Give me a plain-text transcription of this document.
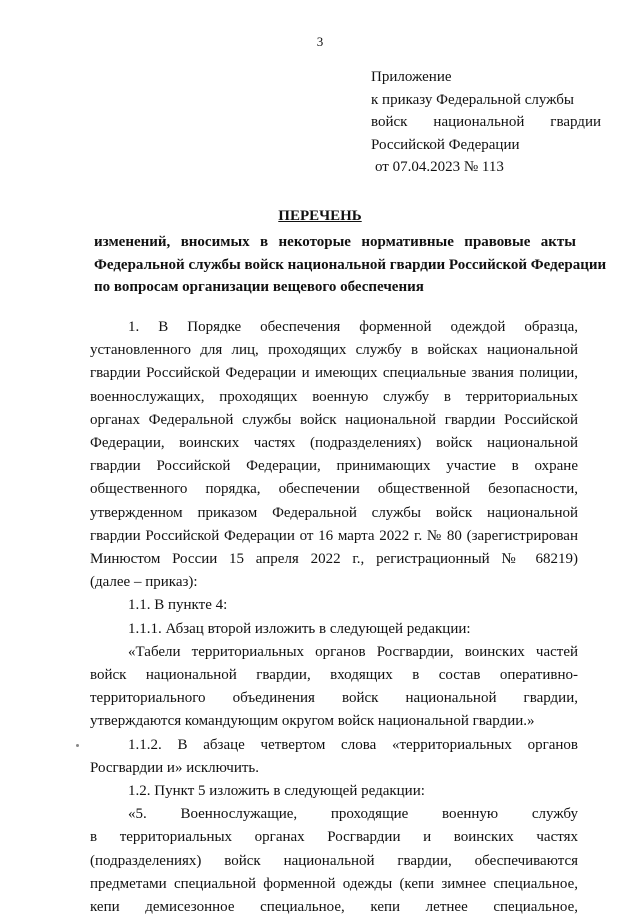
3
Приложение
к приказу Федеральной службы
войск национальной гвардии
Российской Федерации
от 07.04.2023 № 113
ПЕРЕЧЕНЬ
изменений, вносимых в некоторые нормативные правовые акты
Федеральной службы войск национальной гвардии Российской Федерации
по вопросам организации вещевого обеспечения
1. В Порядке обеспечения форменной одеждой образца,
установленного для лиц, проходящих службу в войсках национальной
гвардии Российской Федерации и имеющих специальные звания полиции,
военнослужащих, проходящих военную службу в территориальных
органах Федеральной службы войск национальной гвардии Российской
Федерации, воинских частях (подразделениях) войск национальной
гвардии Российской Федерации, принимающих участие в охране
общественного порядка, обеспечении общественной безопасности,
утвержденном приказом Федеральной службы войск национальной
гвардии Российской Федерации от 16 марта 2022 г. № 80 (зарегистрирован
Минюстом России 15 апреля 2022 г., регистрационный № 68219)
(далее – приказ):
1.1. В пункте 4:
1.1.1. Абзац второй изложить в следующей редакции:
«Табели территориальных органов Росгвардии, воинских частей
войск национальной гвардии, входящих в состав оперативно-
территориального объединения войск национальной гвардии,
утверждаются командующим округом войск национальной гвардии.»
1.1.2. В абзаце четвертом слова «территориальных органов
Росгвардии и» исключить.
1.2. Пункт 5 изложить в следующей редакции:
«5. Военнослужащие, проходящие военную службу
в территориальных органах Росгвардии и воинских частях
(подразделениях) войск национальной гвардии, обеспечиваются
предметами специальной форменной одежды (кепи зимнее специальное,
кепи демисезонное специальное, кепи летнее специальное,
